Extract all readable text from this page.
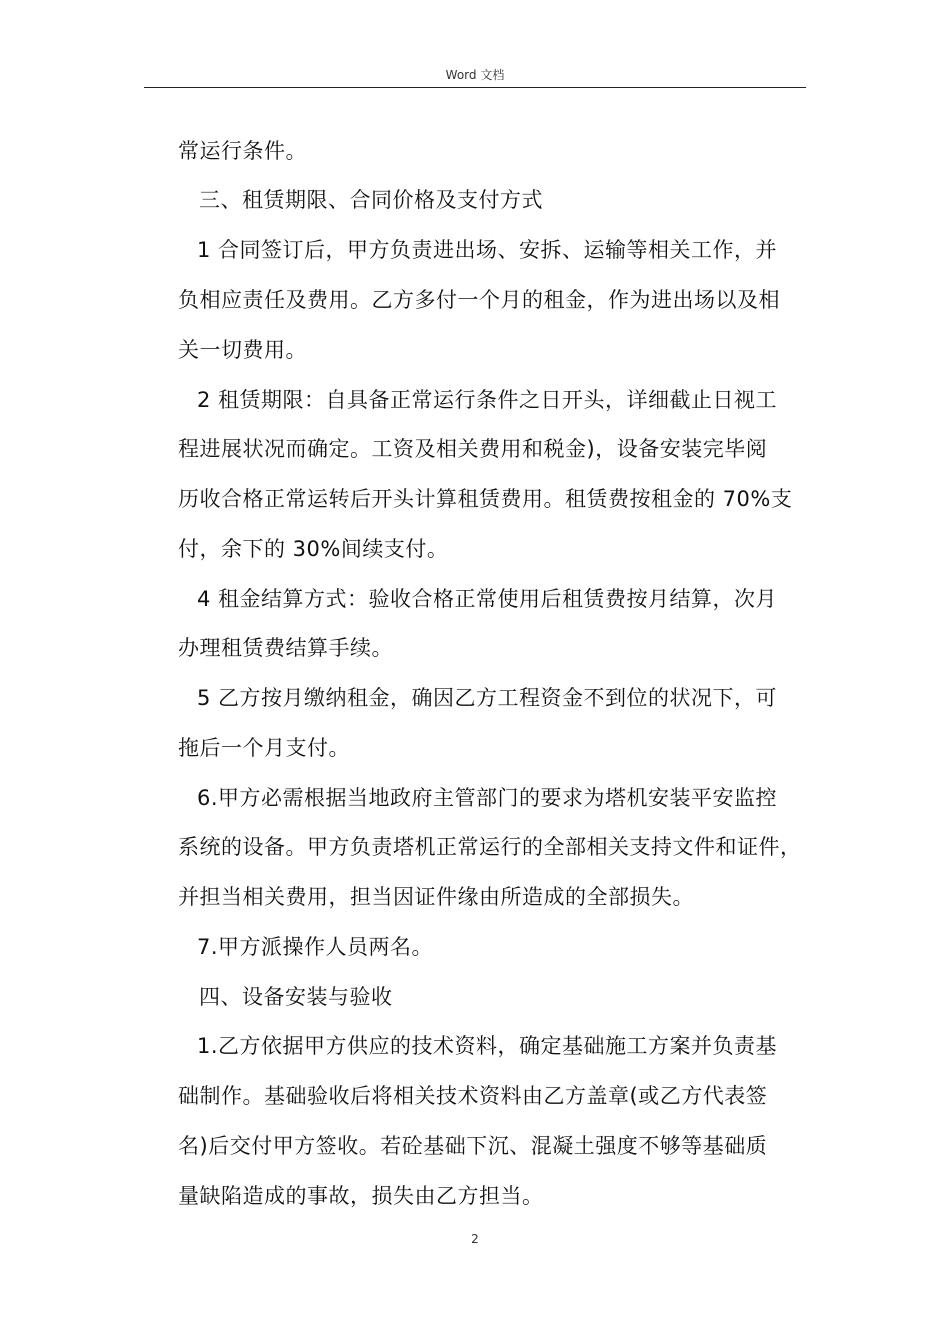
Word 文档
常运行条件。
三、租赁期限、合同价格及支付方式
1 合同签订后，甲方负责进出场、安拆、运输等相关工作，并
负相应责任及费用。乙方多付一个月的租金，作为进出场以及相
关一切费用。
2 租赁期限：自具备正常运行条件之日开头，详细截止日视工
程进展状况而确定。工资及相关费用和税金)，设备安装完毕阅
历收合格正常运转后开头计算租赁费用。租赁费按租金的 70%支
付，余下的 30%间续支付。
4 租金结算方式：验收合格正常使用后租赁费按月结算，次月
办理租赁费结算手续。
5 乙方按月缴纳租金，确因乙方工程资金不到位的状况下，可
拖后一个月支付。
6.甲方必需根据当地政府主管部门的要求为塔机安装平安监控
系统的设备。甲方负责塔机正常运行的全部相关支持文件和证件，
并担当相关费用，担当因证件缘由所造成的全部损失。
7.甲方派操作人员两名。
四、设备安装与验收
1.乙方依据甲方供应的技术资料，确定基础施工方案并负责基
础制作。基础验收后将相关技术资料由乙方盖章(或乙方代表签
名)后交付甲方签收。若砼基础下沉、混凝土强度不够等基础质
量缺陷造成的事故，损失由乙方担当。
2
